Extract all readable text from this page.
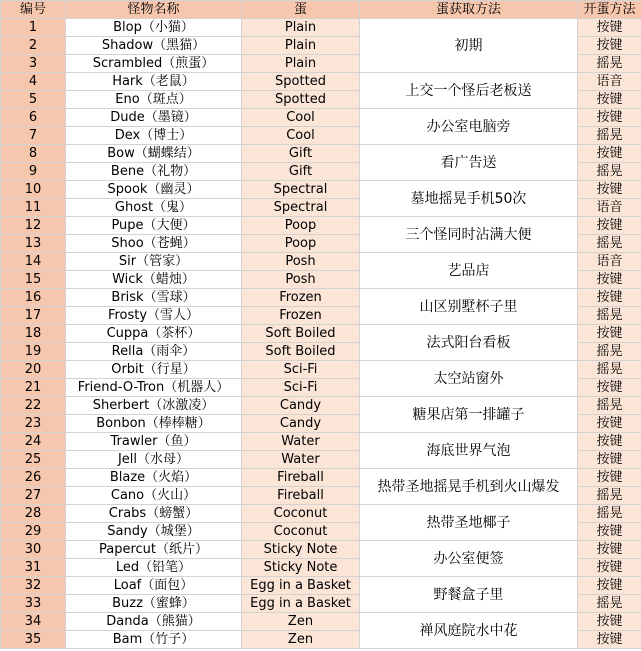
编号	怪物名称	蛋	蛋获取方法	开蛋方法
1	Blop（小猫）	Plain	初期	按键
2	Shadow（黑猫）	Plain		按键
3	Scrambled（煎蛋）	Plain		摇晃
4	Hark（老鼠）	Spotted	上交一个怪后老板送	语音
5	Eno（斑点）	Spotted		按键
6	Dude（墨镜）	Cool	办公室电脑旁	按键
7	Dex（博士）	Cool		摇晃
8	Bow（蝴蝶结）	Gift	看广告送	按键
9	Bene（礼物）	Gift		摇晃
10	Spook（幽灵）	Spectral	墓地摇晃手机50次	按键
11	Ghost（鬼）	Spectral		语音
12	Pupe（大便）	Poop	三个怪同时沾满大便	按键
13	Shoo（苍蝇）	Poop		摇晃
14	Sir（管家）	Posh	艺品店	语音
15	Wick（蜡烛）	Posh		按键
16	Brisk（雪球）	Frozen	山区别墅杯子里	按键
17	Frosty（雪人）	Frozen		摇晃
18	Cuppa（茶杯）	Soft Boiled	法式阳台看板	按键
19	Rella（雨伞）	Soft Boiled		摇晃
20	Orbit（行星）	Sci-Fi	太空站窗外	摇晃
21	Friend-O-Tron（机器人）	Sci-Fi		按键
22	Sherbert（冰激凌）	Candy	糖果店第一排罐子	摇晃
23	Bonbon（棒棒糖）	Candy		按键
24	Trawler（鱼）	Water	海底世界气泡	按键
25	Jell（水母）	Water		按键
26	Blaze（火焰）	Fireball	热带圣地摇晃手机到火山爆发	按键
27	Cano（火山）	Fireball		摇晃
28	Crabs（螃蟹）	Coconut	热带圣地椰子	摇晃
29	Sandy（城堡）	Coconut		按键
30	Papercut（纸片）	Sticky Note	办公室便签	按键
31	Led（铅笔）	Sticky Note		按键
32	Loaf（面包）	Egg in a Basket	野餐盒子里	按键
33	Buzz（蜜蜂）	Egg in a Basket		摇晃
34	Danda（熊猫）	Zen	禅风庭院水中花	按键
35	Bam（竹子）	Zen		按键
